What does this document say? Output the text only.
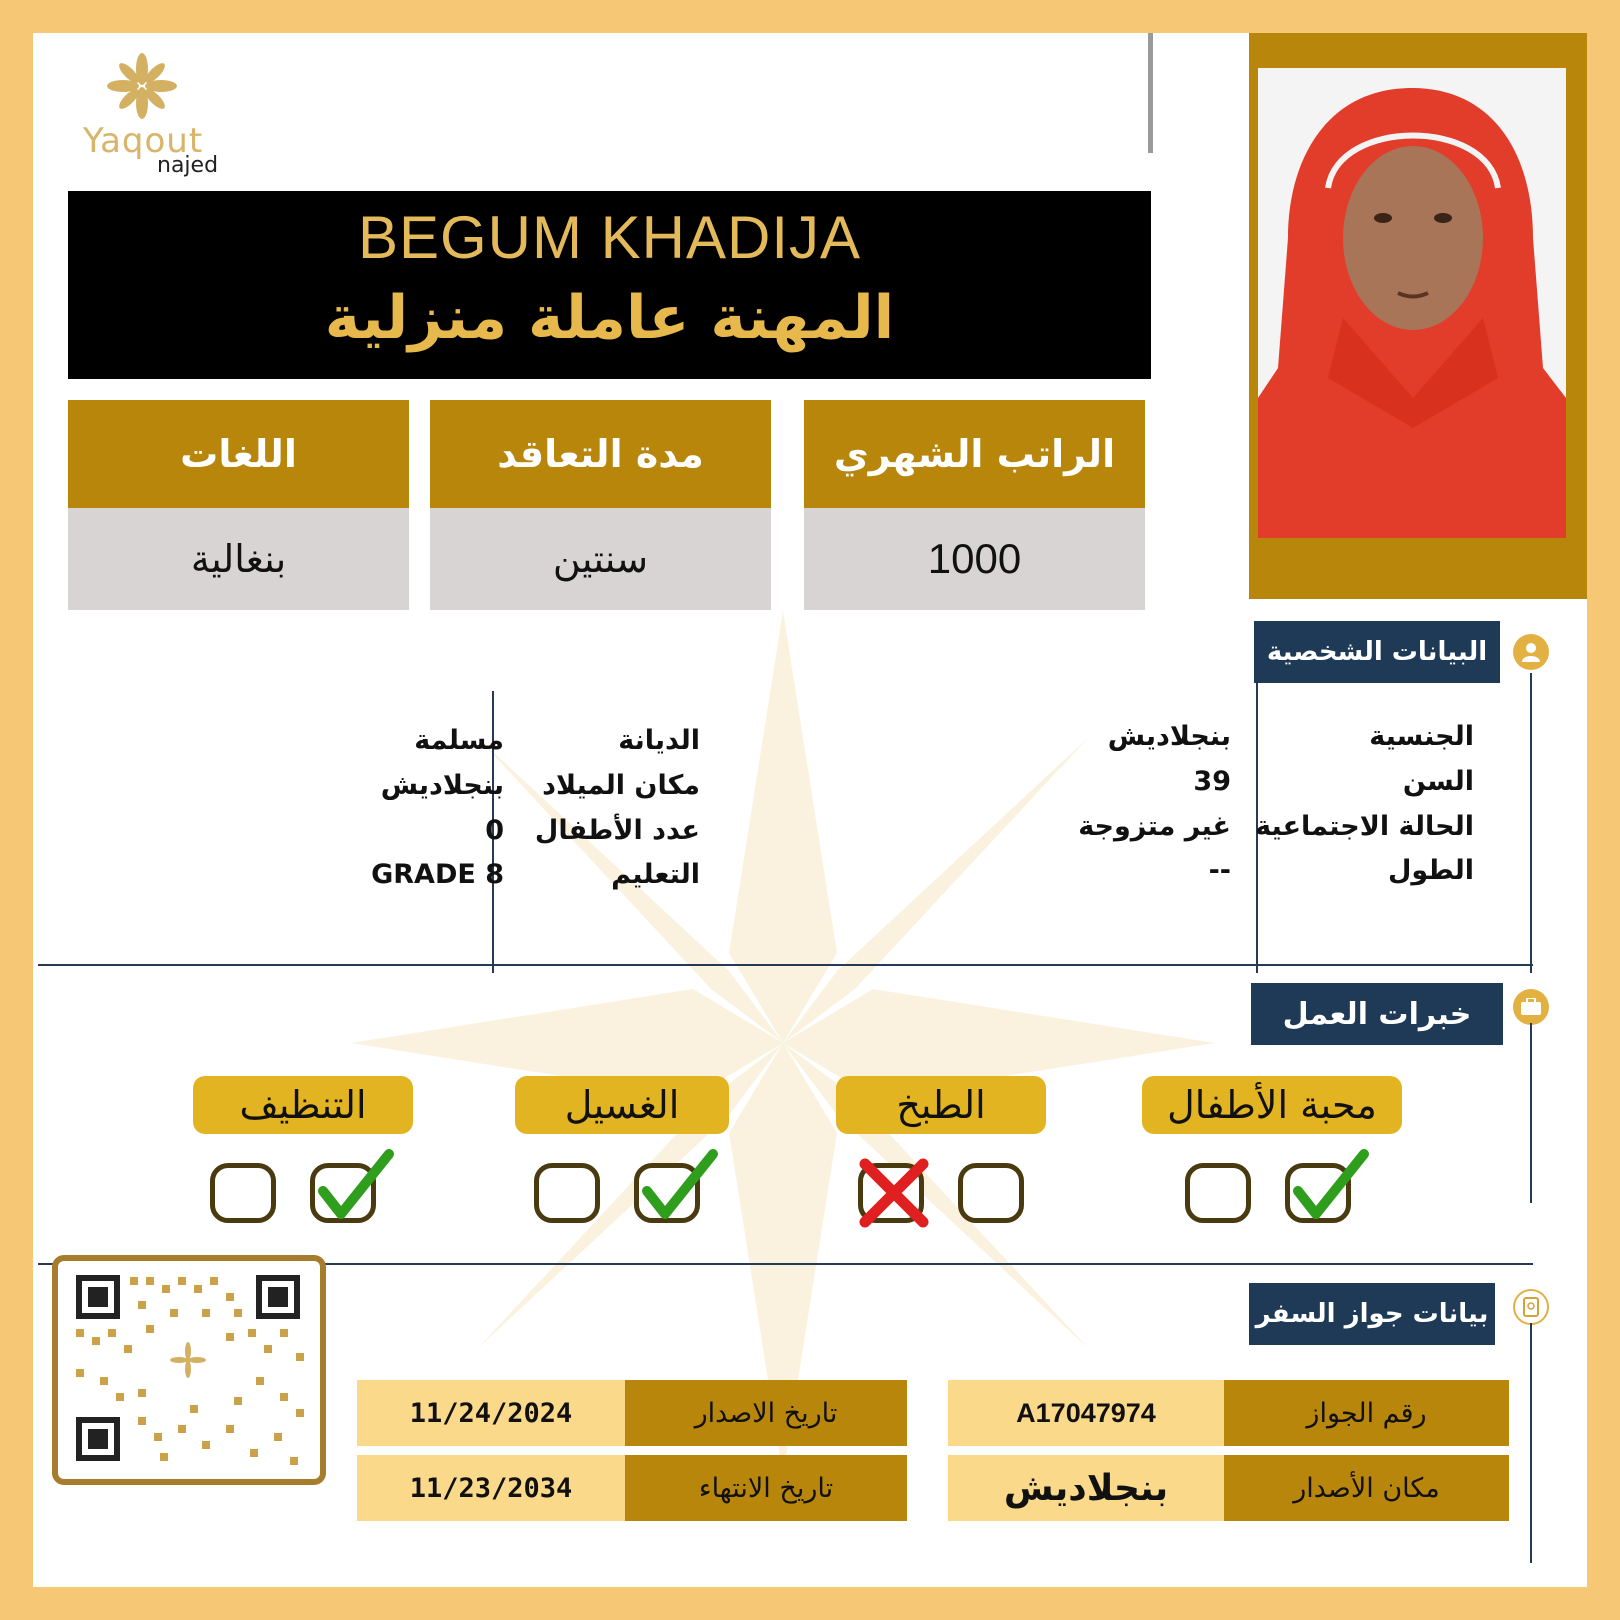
Yaqout
najed
BEGUM KHADIJA
المهنة عاملة منزلية
اللغات
بنغالية
مدة التعاقد
سنتين
الراتب الشهري
1000
البيانات الشخصية
الجنسية
السن
الحالة الاجتماعية
الطول
بنجلاديش
39
غير متزوجة
--
الديانة
مكان الميلاد
عدد الأطفال
التعليم
مسلمة
بنجلاديش
0
GRADE 8
خبرات العمل
محبة الأطفال
الطبخ
الغسيل
التنظيف
بيانات جواز السفر
رقم الجواز
A17047974
مكان الأصدار
بنجلاديش
تاريخ الاصدار
11/24/2024
تاريخ الانتهاء
11/23/2034
